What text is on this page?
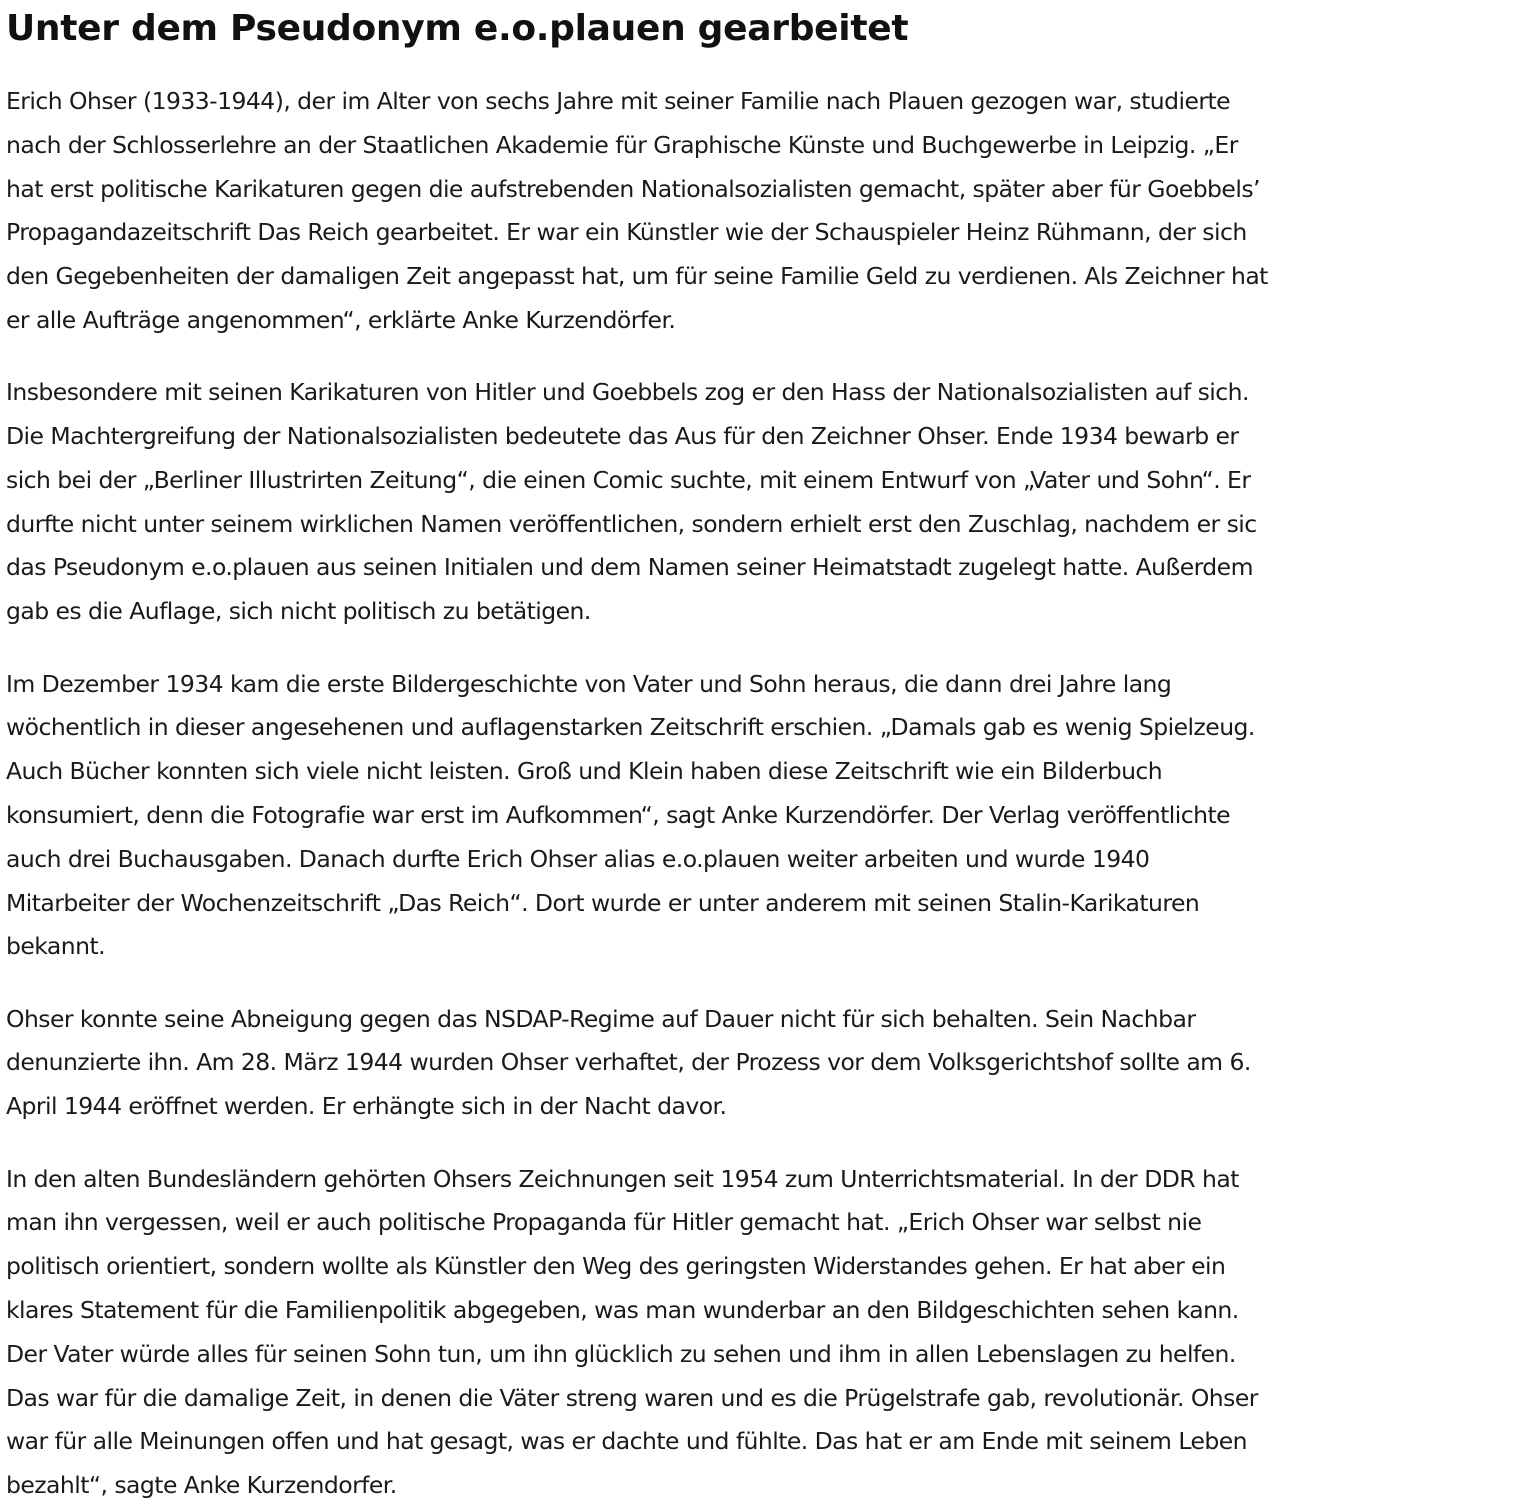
Unter dem Pseudonym e.o.plauen gearbeitet

Erich Ohser (1933-1944), der im Alter von sechs Jahre mit seiner Familie nach Plauen gezogen war, studierte
nach der Schlosserlehre an der Staatlichen Akademie für Graphische Künste und Buchgewerbe in Leipzig. „Er
hat erst politische Karikaturen gegen die aufstrebenden Nationalsozialisten gemacht, später aber für Goebbels’
Propagandazeitschrift Das Reich gearbeitet. Er war ein Künstler wie der Schauspieler Heinz Rühmann, der sich
den Gegebenheiten der damaligen Zeit angepasst hat, um für seine Familie Geld zu verdienen. Als Zeichner hat
er alle Aufträge angenommen“, erklärte Anke Kurzendörfer.

Insbesondere mit seinen Karikaturen von Hitler und Goebbels zog er den Hass der Nationalsozialisten auf sich.
Die Machtergreifung der Nationalsozialisten bedeutete das Aus für den Zeichner Ohser. Ende 1934 bewarb er
sich bei der „Berliner Illustrirten Zeitung“, die einen Comic suchte, mit einem Entwurf von „Vater und Sohn“. Er
durfte nicht unter seinem wirklichen Namen veröffentlichen, sondern erhielt erst den Zuschlag, nachdem er sic
das Pseudonym e.o.plauen aus seinen Initialen und dem Namen seiner Heimatstadt zugelegt hatte. Außerdem
gab es die Auflage, sich nicht politisch zu betätigen.

Im Dezember 1934 kam die erste Bildergeschichte von Vater und Sohn heraus, die dann drei Jahre lang
wöchentlich in dieser angesehenen und auflagenstarken Zeitschrift erschien. „Damals gab es wenig Spielzeug.
Auch Bücher konnten sich viele nicht leisten. Groß und Klein haben diese Zeitschrift wie ein Bilderbuch
konsumiert, denn die Fotografie war erst im Aufkommen“, sagt Anke Kurzendörfer. Der Verlag veröffentlichte
auch drei Buchausgaben. Danach durfte Erich Ohser alias e.o.plauen weiter arbeiten und wurde 1940
Mitarbeiter der Wochenzeitschrift „Das Reich“. Dort wurde er unter anderem mit seinen Stalin-Karikaturen
bekannt.

Ohser konnte seine Abneigung gegen das NSDAP-Regime auf Dauer nicht für sich behalten. Sein Nachbar
denunzierte ihn. Am 28. März 1944 wurden Ohser verhaftet, der Prozess vor dem Volksgerichtshof sollte am 6.
April 1944 eröffnet werden. Er erhängte sich in der Nacht davor.

In den alten Bundesländern gehörten Ohsers Zeichnungen seit 1954 zum Unterrichtsmaterial. In der DDR hat
man ihn vergessen, weil er auch politische Propaganda für Hitler gemacht hat. „Erich Ohser war selbst nie
politisch orientiert, sondern wollte als Künstler den Weg des geringsten Widerstandes gehen. Er hat aber ein
klares Statement für die Familienpolitik abgegeben, was man wunderbar an den Bildgeschichten sehen kann.
Der Vater würde alles für seinen Sohn tun, um ihn glücklich zu sehen und ihm in allen Lebenslagen zu helfen.
Das war für die damalige Zeit, in denen die Väter streng waren und es die Prügelstrafe gab, revolutionär. Ohser
war für alle Meinungen offen und hat gesagt, was er dachte und fühlte. Das hat er am Ende mit seinem Leben
bezahlt“, sagte Anke Kurzendorfer.
